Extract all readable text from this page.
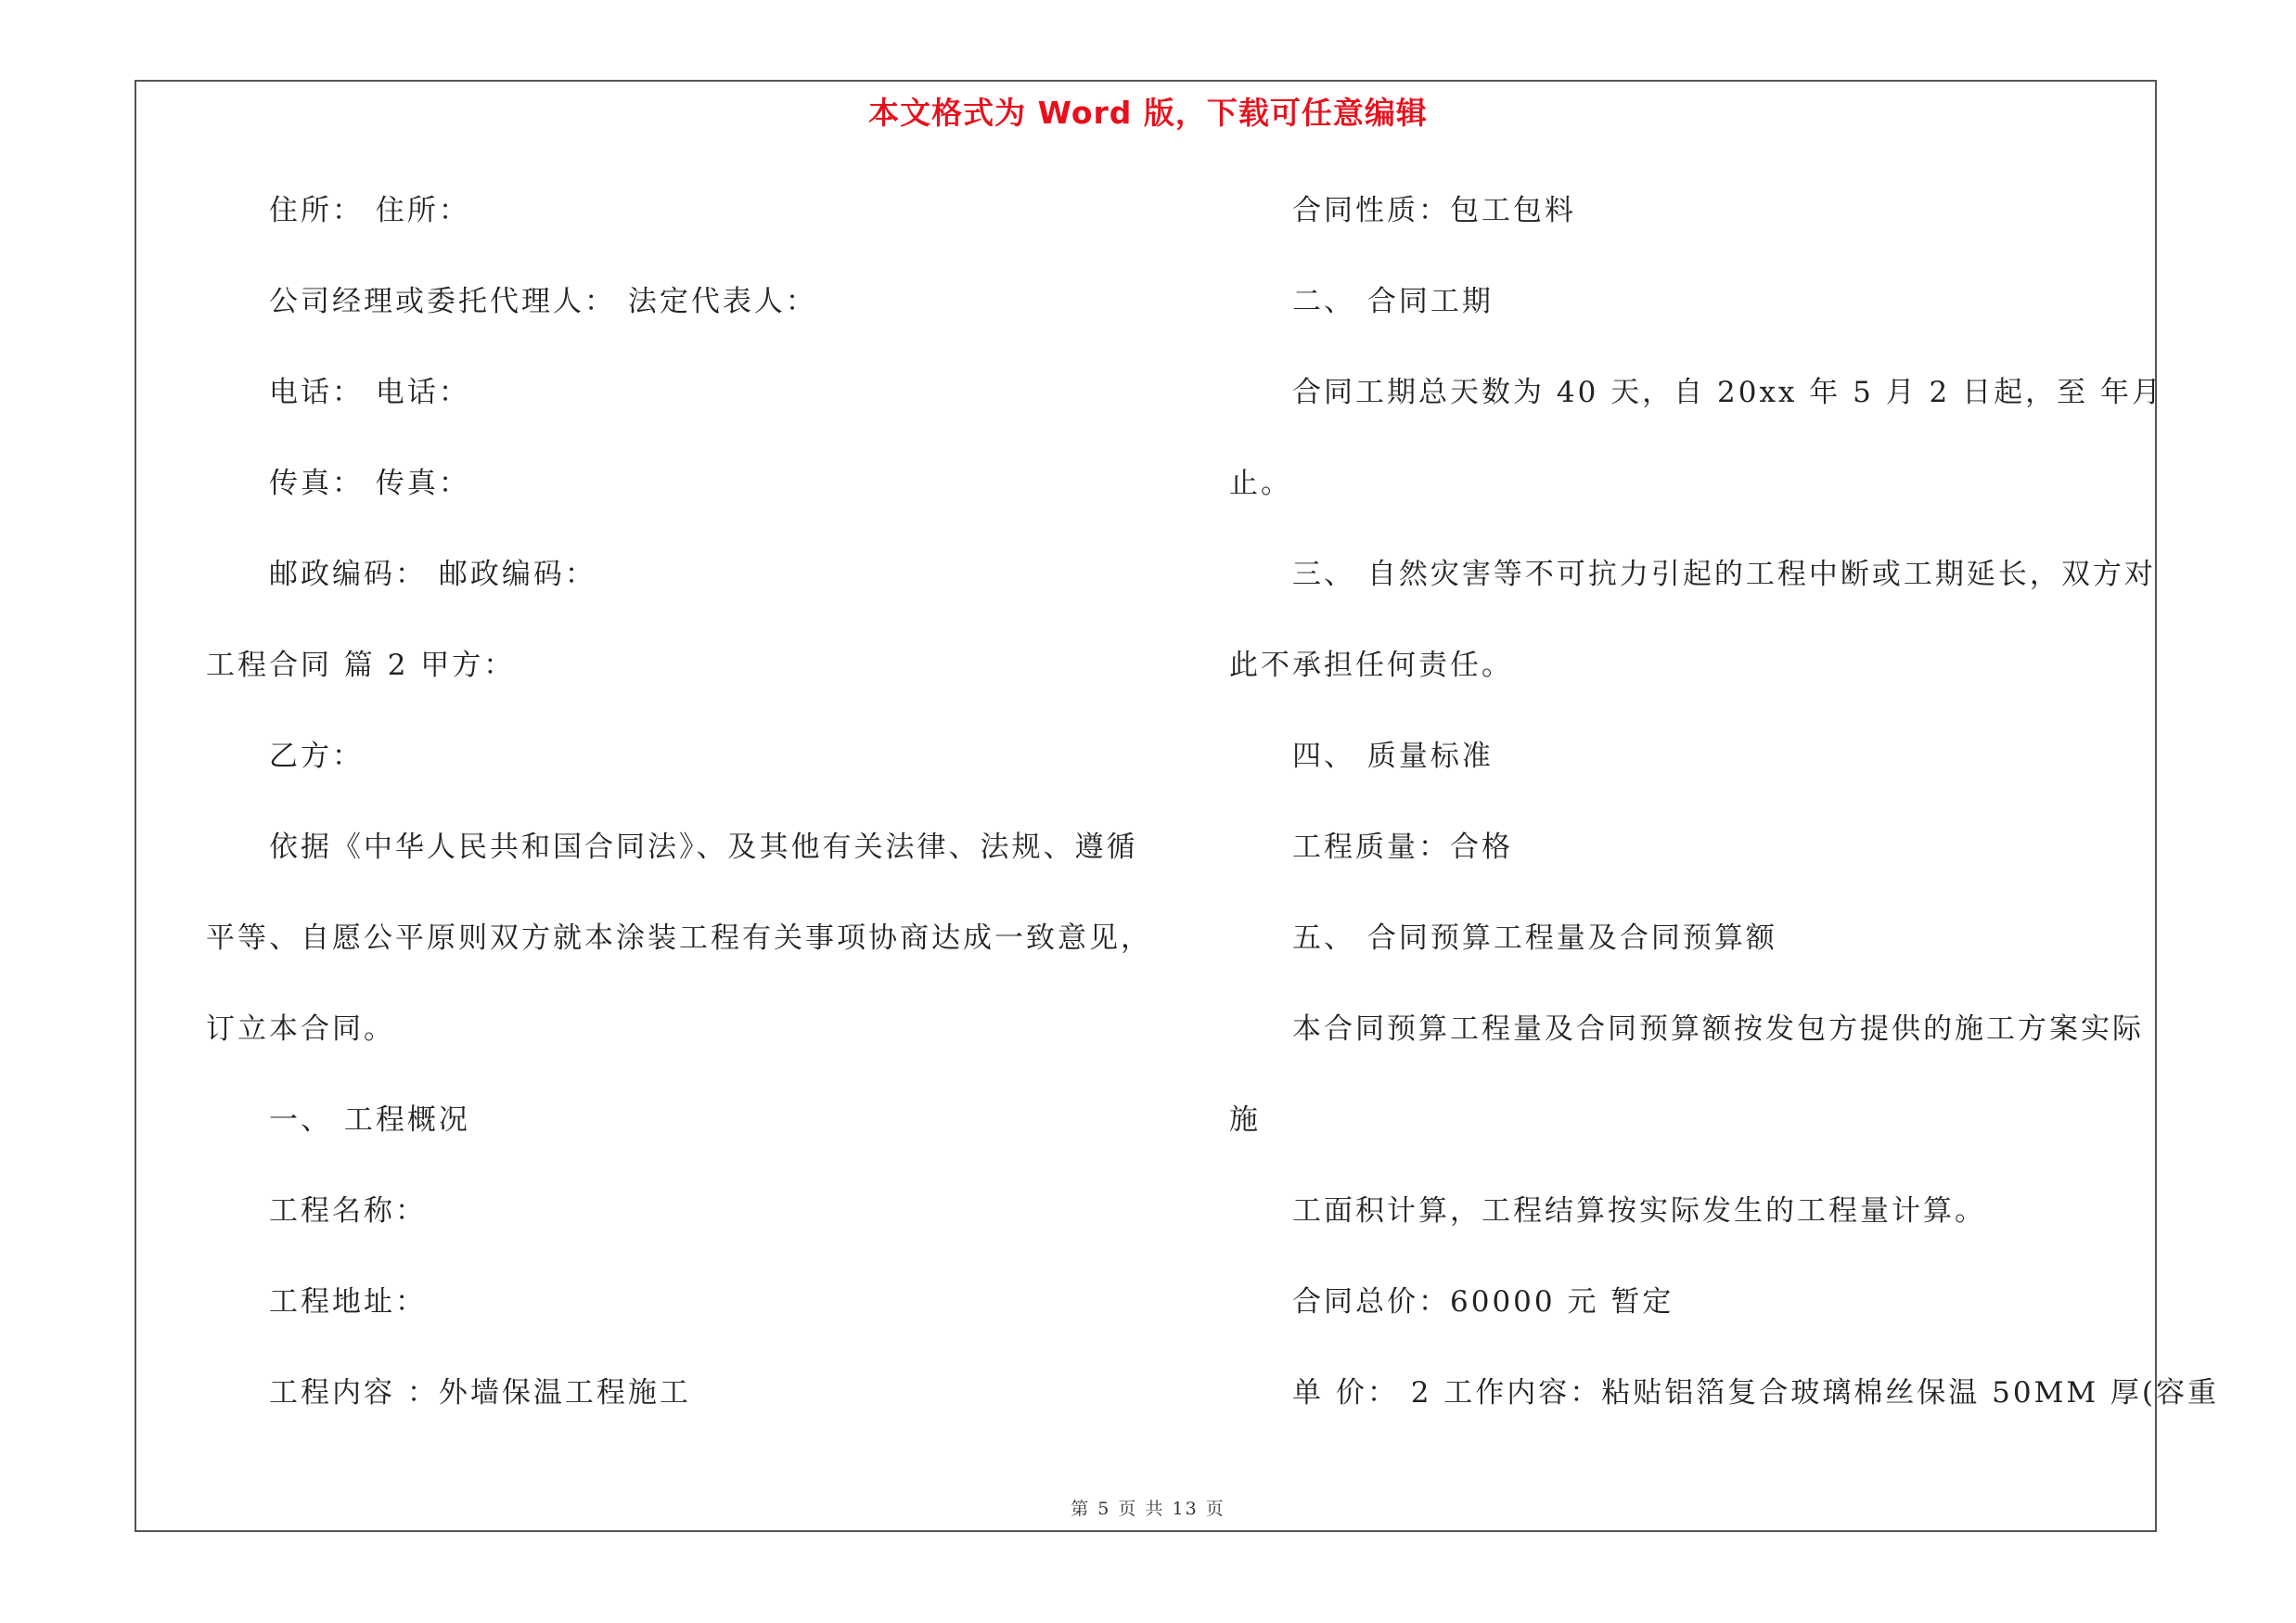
本文格式为 Word 版，下载可任意编辑
住所： 住所：
公司经理或委托代理人： 法定代表人：
电话： 电话：
传真： 传真：
邮政编码： 邮政编码：
工程合同 篇 2 甲方：
乙方：
依据《中华人民共和国合同法》、及其他有关法律、法规、遵循
平等、自愿公平原则双方就本涂装工程有关事项协商达成一致意见，
订立本合同。
一、 工程概况
工程名称：
工程地址：
工程内容 ：外墙保温工程施工
合同性质：包工包料
二、 合同工期
合同工期总天数为 40 天，自 20xx 年 5 月 2 日起，至 年月
止。
三、 自然灾害等不可抗力引起的工程中断或工期延长，双方对
此不承担任何责任。
四、 质量标准
工程质量：合格
五、 合同预算工程量及合同预算额
本合同预算工程量及合同预算额按发包方提供的施工方案实际
施
工面积计算，工程结算按实际发生的工程量计算。
合同总价：60000 元 暂定
单 价： 2 工作内容：粘贴铝箔复合玻璃棉丝保温 50MM 厚(容重
第 5 页 共 13 页
